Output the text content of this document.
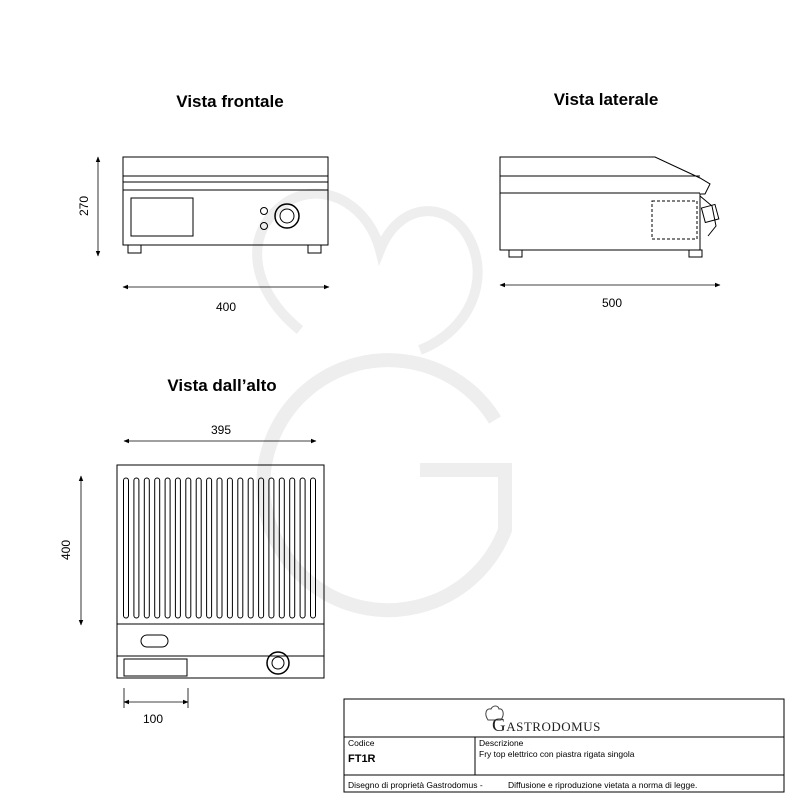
Vista frontale
270
400
Vista laterale
500
Vista dall’alto
395
400
100	GASTRODOMUS
Codice
FT1R
Descrizione
Fry top elettrico con piastra rigata singola
Disegno di proprietà Gastrodomus -	Diffusione e riproduzione vietata a norma di legge.
